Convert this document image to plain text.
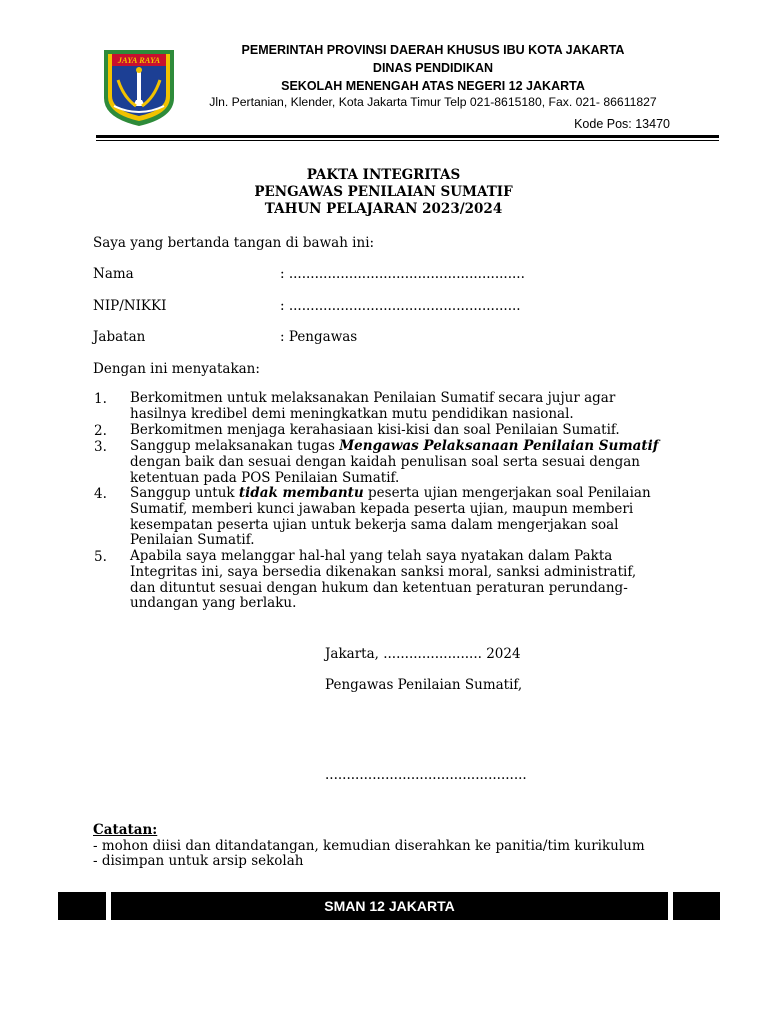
JAYA RAYA
PEMERINTAH PROVINSI DAERAH KHUSUS IBU KOTA JAKARTA
DINAS PENDIDIKAN
SEKOLAH MENENGAH ATAS NEGERI 12 JAKARTA
Jln. Pertanian, Klender, Kota Jakarta Timur Telp 021-8615180, Fax. 021- 86611827
Kode Pos: 13470
PAKTA INTEGRITAS
PENGAWAS PENILAIAN SUMATIF
TAHUN PELAJARAN 2023/2024
Saya yang bertanda tangan di bawah ini:
Nama	: .......................................................
NIP/NIKKI	: ......................................................
Jabatan	: Pengawas
Dengan ini menyatakan:
1. Berkomitmen untuk melaksanakan Penilaian Sumatif secara jujur agar
hasilnya kredibel demi meningkatkan mutu pendidikan nasional.
2. Berkomitmen menjaga kerahasiaan kisi-kisi dan soal Penilaian Sumatif.
3. Sanggup melaksanakan tugas Mengawas Pelaksanaan Penilaian Sumatif
dengan baik dan sesuai dengan kaidah penulisan soal serta sesuai dengan
ketentuan pada POS Penilaian Sumatif.
4. Sanggup untuk tidak membantu peserta ujian mengerjakan soal Penilaian
Sumatif, memberi kunci jawaban kepada peserta ujian, maupun memberi
kesempatan peserta ujian untuk bekerja sama dalam mengerjakan soal
Penilaian Sumatif.
5. Apabila saya melanggar hal-hal yang telah saya nyatakan dalam Pakta
Integritas ini, saya bersedia dikenakan sanksi moral, sanksi administratif,
dan dituntut sesuai dengan hukum dan ketentuan peraturan perundang-
undangan yang berlaku.
Jakarta, ....................... 2024
Pengawas Penilaian Sumatif,
...............................................
Catatan:
- mohon diisi dan ditandatangan, kemudian diserahkan ke panitia/tim kurikulum
- disimpan untuk arsip sekolah
SMAN 12 JAKARTA
